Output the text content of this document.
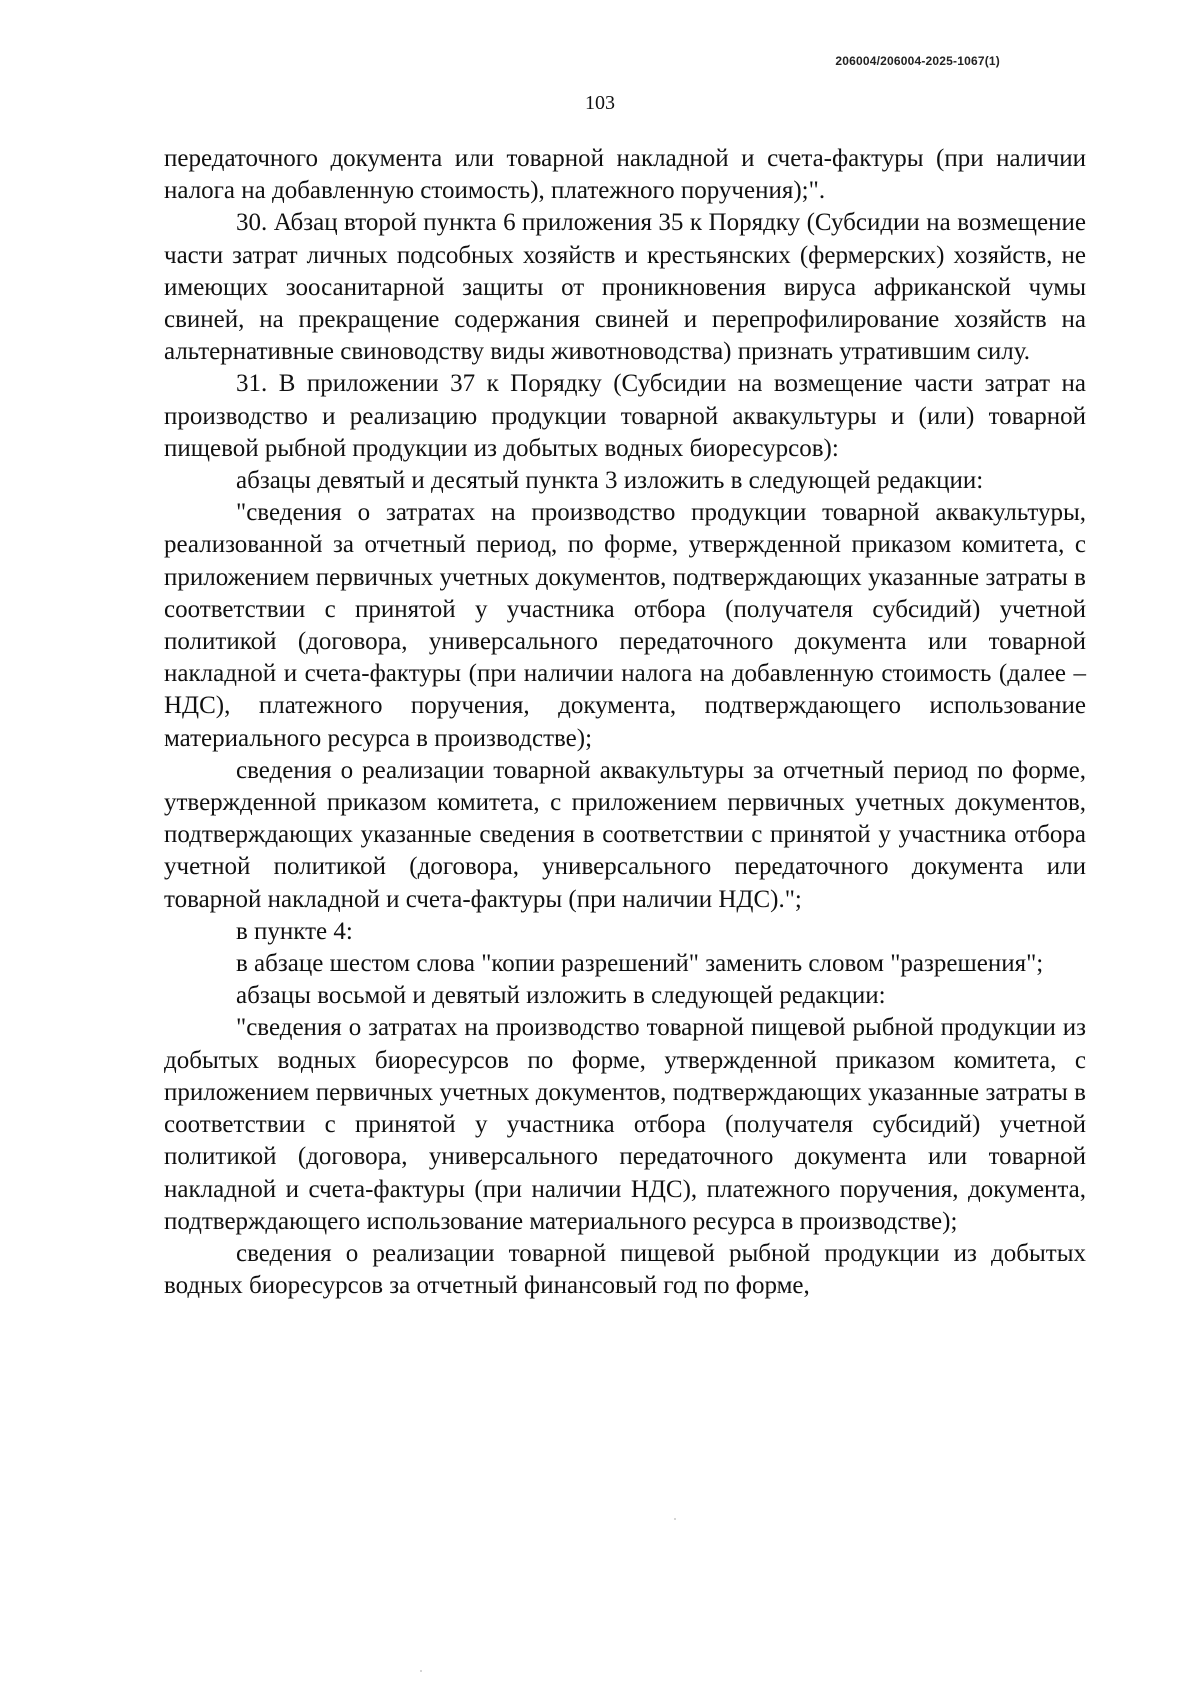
206004/206004-2025-1067(1)
103

передаточного документа или товарной накладной и счета-фактуры (при наличии налога на добавленную стоимость), платежного поручения);".

30. Абзац второй пункта 6 приложения 35 к Порядку (Субсидии на возмещение части затрат личных подсобных хозяйств и крестьянских (фермерских) хозяйств, не имеющих зоосанитарной защиты от проникновения вируса африканской чумы свиней, на прекращение содержания свиней и перепрофилирование хозяйств на альтернативные свиноводству виды животноводства) признать утратившим силу.

31. В приложении 37 к Порядку (Субсидии на возмещение части затрат на производство и реализацию продукции товарной аквакультуры и (или) товарной пищевой рыбной продукции из добытых водных биоресурсов):

абзацы девятый и десятый пункта 3 изложить в следующей редакции:

"сведения о затратах на производство продукции товарной аквакультуры, реализованной за отчетный период, по форме, утвержденной приказом комитета, с приложением первичных учетных документов, подтверждающих указанные затраты в соответствии с принятой у участника отбора (получателя субсидий) учетной политикой (договора, универсального передаточного документа или товарной накладной и счета-фактуры (при наличии налога на добавленную стоимость (далее – НДС), платежного поручения, документа, подтверждающего использование материального ресурса в производстве);

сведения о реализации товарной аквакультуры за отчетный период по форме, утвержденной приказом комитета, с приложением первичных учетных документов, подтверждающих указанные сведения в соответствии с принятой у участника отбора учетной политикой (договора, универсального передаточного документа или товарной накладной и счета-фактуры (при наличии НДС).";

в пункте 4:

в абзаце шестом слова "копии разрешений" заменить словом "разрешения";

абзацы восьмой и девятый изложить в следующей редакции:

"сведения о затратах на производство товарной пищевой рыбной продукции из добытых водных биоресурсов по форме, утвержденной приказом комитета, с приложением первичных учетных документов, подтверждающих указанные затраты в соответствии с принятой у участника отбора (получателя субсидий) учетной политикой (договора, универсального передаточного документа или товарной накладной и счета-фактуры (при наличии НДС), платежного поручения, документа, подтверждающего использование материального ресурса в производстве);

сведения о реализации товарной пищевой рыбной продукции из добытых водных биоресурсов за отчетный финансовый год по форме,
